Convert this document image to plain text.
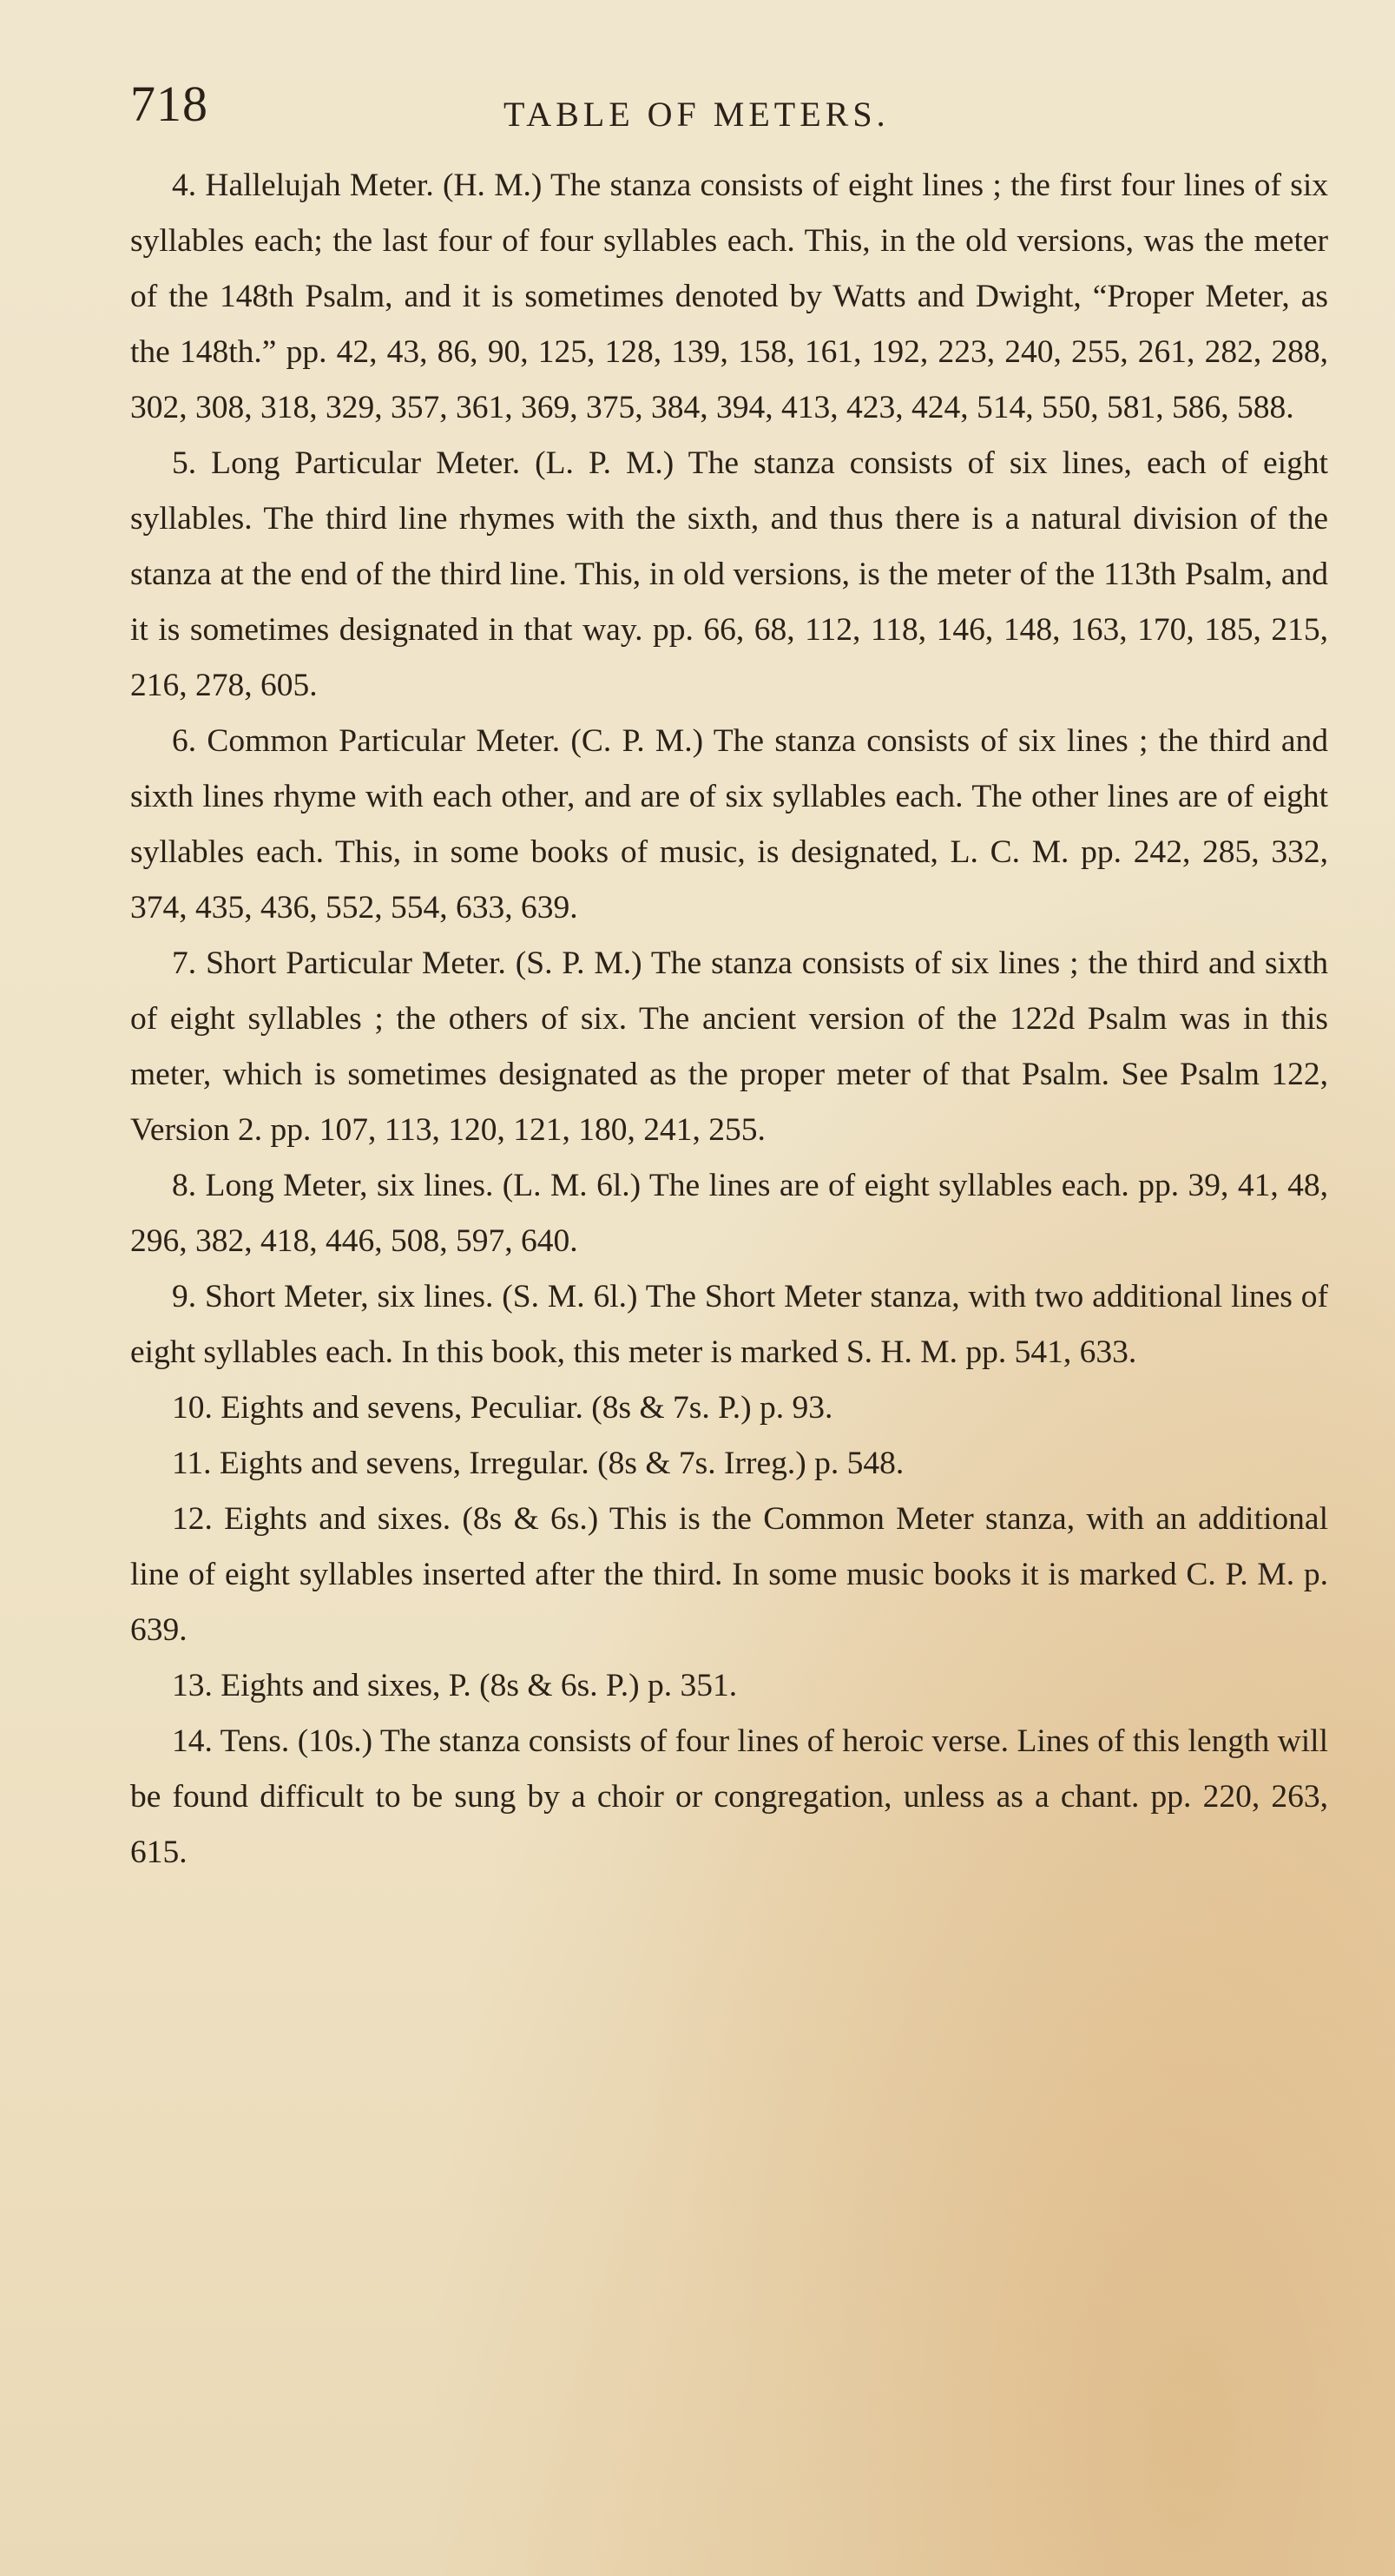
718	TABLE OF METERS.

4. Hallelujah Meter. (H. M.) The stanza consists of eight lines ; the first four lines of six syllables each; the last four of four syllables each. This, in the old versions, was the meter of the 148th Psalm, and it is sometimes denoted by Watts and Dwight, “Proper Meter, as the 148th.” pp. 42, 43, 86, 90, 125, 128, 139, 158, 161, 192, 223, 240, 255, 261, 282, 288, 302, 308, 318, 329, 357, 361, 369, 375, 384, 394, 413, 423, 424, 514, 550, 581, 586, 588.

5. Long Particular Meter. (L. P. M.) The stanza consists of six lines, each of eight syllables. The third line rhymes with the sixth, and thus there is a natural division of the stanza at the end of the third line. This, in old versions, is the meter of the 113th Psalm, and it is sometimes designated in that way. pp. 66, 68, 112, 118, 146, 148, 163, 170, 185, 215, 216, 278, 605.

6. Common Particular Meter. (C. P. M.) The stanza consists of six lines ; the third and sixth lines rhyme with each other, and are of six syllables each. The other lines are of eight syllables each. This, in some books of music, is designated, L. C. M. pp. 242, 285, 332, 374, 435, 436, 552, 554, 633, 639.

7. Short Particular Meter. (S. P. M.) The stanza consists of six lines ; the third and sixth of eight syllables ; the others of six. The ancient version of the 122d Psalm was in this meter, which is sometimes designated as the proper meter of that Psalm. See Psalm 122, Version 2. pp. 107, 113, 120, 121, 180, 241, 255.

8. Long Meter, six lines. (L. M. 6l.) The lines are of eight syllables each. pp. 39, 41, 48, 296, 382, 418, 446, 508, 597, 640.

9. Short Meter, six lines. (S. M. 6l.) The Short Meter stanza, with two additional lines of eight syllables each. In this book, this meter is marked S. H. M. pp. 541, 633.

10. Eights and sevens, Peculiar. (8s & 7s. P.) p. 93.

11. Eights and sevens, Irregular. (8s & 7s. Irreg.) p. 548.

12. Eights and sixes. (8s & 6s.) This is the Common Meter stanza, with an additional line of eight syllables inserted after the third. In some music books it is marked C. P. M. p. 639.

13. Eights and sixes, P. (8s & 6s. P.) p. 351.

14. Tens. (10s.) The stanza consists of four lines of heroic verse. Lines of this length will be found difficult to be sung by a choir or congregation, unless as a chant. pp. 220, 263, 615.
